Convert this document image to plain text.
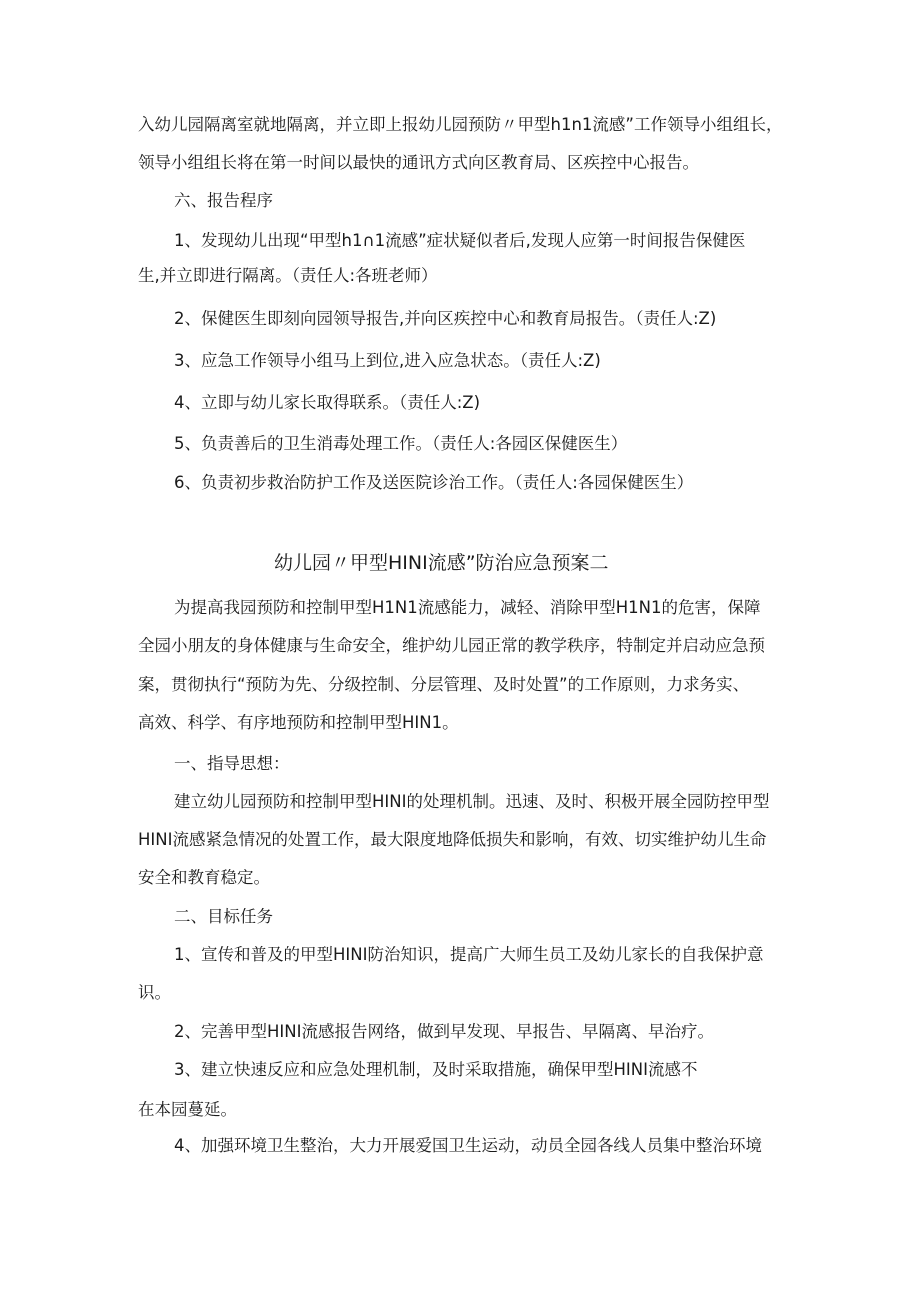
入幼儿园隔离室就地隔离，并立即上报幼儿园预防〃甲型h1n1流感”工作领导小组组长，

领导小组组长将在第一时间以最快的通讯方式向区教育局、区疾控中心报告。

六、报告程序

1、发现幼儿出现“甲型h1∩1流感”症状疑似者后,发现人应第一时间报告保健医

生,并立即进行隔离。（责任人:各班老师）

2、保健医生即刻向园领导报告,并向区疾控中心和教育局报告。（责任人:Z)

3、应急工作领导小组马上到位,进入应急状态。（责任人:Z)

4、立即与幼儿家长取得联系。（责任人:Z)

5、负责善后的卫生消毒处理工作。（责任人:各园区保健医生）

6、负责初步救治防护工作及送医院诊治工作。（责任人:各园保健医生）

幼儿园〃甲型HINI流感”防治应急预案二

为提高我园预防和控制甲型H1N1流感能力，减轻、消除甲型H1N1的危害，保障

全园小朋友的身体健康与生命安全，维护幼儿园正常的教学秩序，特制定并启动应急预

案，贯彻执行“预防为先、分级控制、分层管理、及时处置”的工作原则，力求务实、

高效、科学、有序地预防和控制甲型HIN1。

一、指导思想：

建立幼儿园预防和控制甲型HINI的处理机制。迅速、及时、积极开展全园防控甲型

HINI流感紧急情况的处置工作，最大限度地降低损失和影响，有效、切实维护幼儿生命

安全和教育稳定。

二、目标任务

1、宣传和普及的甲型HINI防治知识，提高广大师生员工及幼儿家长的自我保护意

识。

2、完善甲型HINI流感报告网络，做到早发现、早报告、早隔离、早治疗。

3、建立快速反应和应急处理机制，及时采取措施，确保甲型HINI流感不

在本园蔓延。

4、加强环境卫生整治，大力开展爱国卫生运动，动员全园各线人员集中整治环境
